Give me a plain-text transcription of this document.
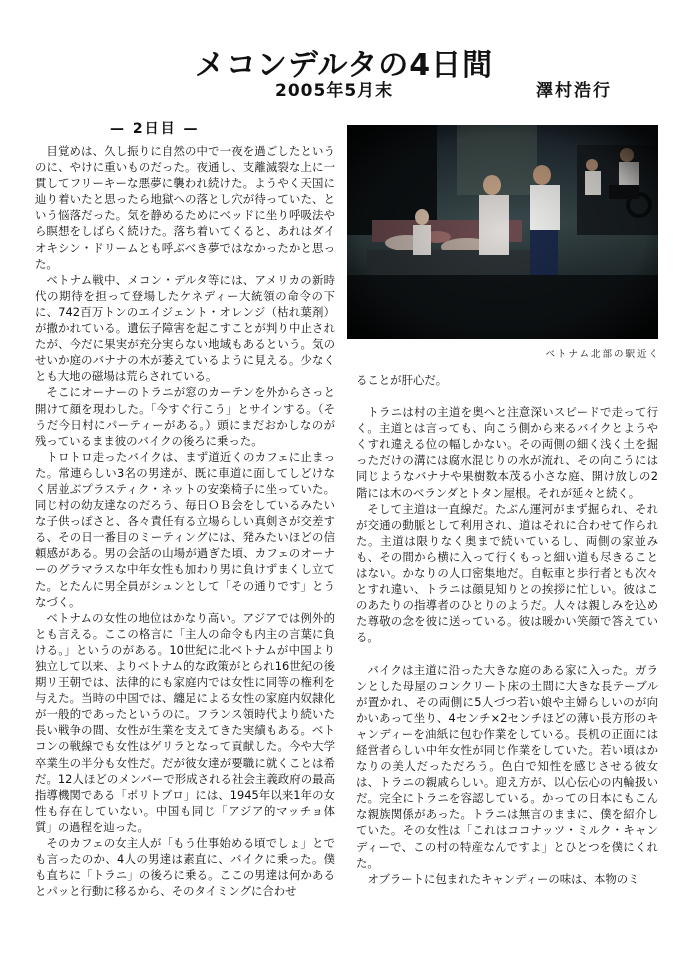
メコンデルタの4日間
2005年5月末	澤村浩行
— 2日目 —

目覚めは、久し振りに自然の中で一夜を過ごしたというのに、やけに重いものだった。夜通し、支離滅裂な上に一貫してフリーキーな悪夢に襲われ続けた。ようやく天国に辿り着いたと思ったら地獄への落とし穴が待っていた、という悩落だった。気を静めるためにベッドに坐り呼吸法やら瞑想をしばらく続けた。落ち着いてくると、あれはダイオキシン・ドリームとも呼ぶべき夢ではなかったかと思った。

ベトナム戦中、メコン・デルタ等には、アメリカの新時代の期待を担って登場したケネディー大統領の命令の下に、742百万トンのエイジェント・オレンジ（枯れ葉剤）が撒かれている。遺伝子障害を起こすことが判り中止されたが、今だに果実が充分実らない地域もあるという。気のせいか庭のバナナの木が萎えているように見える。少なくとも大地の磁場は荒らされている。

そこにオーナーのトラニが窓のカーテンを外からさっと開けて顔を現わした。「今すぐ行こう」とサインする。（そうだ今日村にパーティーがある。）頭にまだおかしなのが残っているまま彼のバイクの後ろに乗った。

トロトロ走ったバイクは、まず道近くのカフェに止まった。常連らしい3名の男達が、既に車道に面してしどけなく居並ぶプラスティク・ネットの安楽椅子に坐っていた。同じ村の幼友達なのだろう、毎日ＯＢ会をしているみたいな子供っぽさと、各々責任有る立場らしい真剣さが交差する、その日一番目のミーティングには、発みたいほどの信頼感がある。男の会話の山場が過ぎた頃、カフェのオーナーのグラマラスな中年女性も加わり男に負けずまくし立てた。とたんに男全員がシュンとして「その通りです」とうなづく。

ベトナムの女性の地位はかなり高い。アジアでは例外的とも言える。ここの格言に「主人の命令も内主の言葉に負ける。」というのがある。10世紀に北ベトナムが中国より独立して以来、よりベトナム的な政策がとられ16世紀の後期リ王朝では、法律的にも家庭内では女性に同等の権利を与えた。当時の中国では、纏足による女性の家庭内奴隷化が一般的であったというのに。フランス領時代より続いた長い戦争の間、女性が生業を支えてきた実績もある。ベトコンの戦線でも女性はゲリラとなって貢献した。今や大学卒業生の半分も女性だ。だが彼女達が要職に就くことは希だ。12人ほどのメンバーで形成される社会主義政府の最高指導機関である「ポリトブロ」には、1945年以来1年の女性も存在していない。中国も同じ「アジア的マッチョ体質」の過程を辿った。

そのカフェの女主人が「もう仕事始める頃でしょ」とでも言ったのか、4人の男達は素直に、バイクに乗った。僕も直ちに「トラニ」の後ろに乗る。ここの男達は何かあるとパッと行動に移るから、そのタイミングに合わせ

ベトナム北部の駅近く

ることが肝心だ。

トラニは村の主道を奥へと注意深いスピードで走って行く。主道とは言っても、向こう側から来るバイクとようやくすれ違える位の幅しかない。その両側の細く浅く土を掘っただけの溝には腐水混じりの水が流れ、その向こうには同じようなバナナや果樹数本茂る小さな庭、開け放しの2階には木のベランダとトタン屋根。それが延々と続く。

そして主道は一直線だ。たぶん運河がまず掘られ、それが交通の動脈として利用され、道はそれに合わせて作られた。主道は限りなく奥まで続いているし、両側の家並みも、その間から横に入って行くもっと細い道も尽きることはない。かなりの人口密集地だ。自転車と歩行者とも次々とすれ違い、トラニは顔見知りとの挨拶に忙しい。彼はこのあたりの指導者のひとりのようだ。人々は親しみを込めた尊敬の念を彼に送っている。彼は暖かい笑顔で答えている。

バイクは主道に沿った大きな庭のある家に入った。ガランとした母屋のコンクリート床の土間に大きな長テーブルが置かれ、その両側に5人づつ若い娘や主婦らしいのが向かいあって坐り、4センチ×2センチほどの薄い長方形のキャンディーを油紙に包む作業をしている。長机の正面には経営者らしい中年女性が同じ作業をしていた。若い頃はかなりの美人だっただろう。色白で知性を感じさせる彼女は、トラニの親戚らしい。迎え方が、以心伝心の内輪扱いだ。完全にトラニを容認している。かっての日本にもこんな親族関係があった。トラニは無言のままに、僕を紹介していた。その女性は「これはココナッツ・ミルク・キャンディーで、この村の特産なんですよ」とひとつを僕にくれた。

オブラートに包まれたキャンディーの味は、本物のミ
